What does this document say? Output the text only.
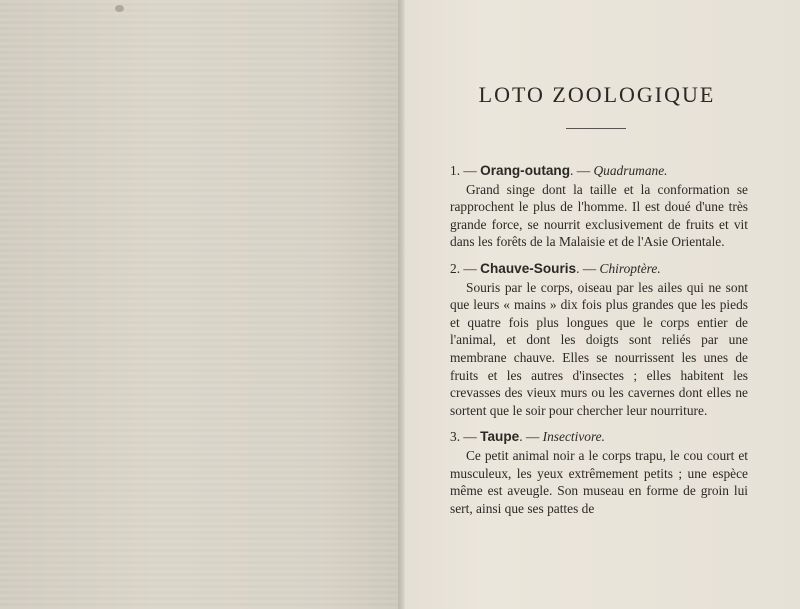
LOTO ZOOLOGIQUE

1. — Orang-outang. — Quadrumane.

Grand singe dont la taille et la conformation se rapprochent le plus de l'homme. Il est doué d'une très grande force, se nourrit exclusivement de fruits et vit dans les forêts de la Malaisie et de l'Asie Orientale.

2. — Chauve-Souris. — Chiroptère.

Souris par le corps, oiseau par les ailes qui ne sont que leurs « mains » dix fois plus grandes que les pieds et quatre fois plus longues que le corps entier de l'animal, et dont les doigts sont reliés par une membrane chauve. Elles se nourrissent les unes de fruits et les autres d'insectes ; elles habitent les crevasses des vieux murs ou les cavernes dont elles ne sortent que le soir pour chercher leur nourriture.

3. — Taupe. — Insectivore.

Ce petit animal noir a le corps trapu, le cou court et musculeux, les yeux extrêmement petits ; une espèce même est aveugle. Son museau en forme de groin lui sert, ainsi que ses pattes de
